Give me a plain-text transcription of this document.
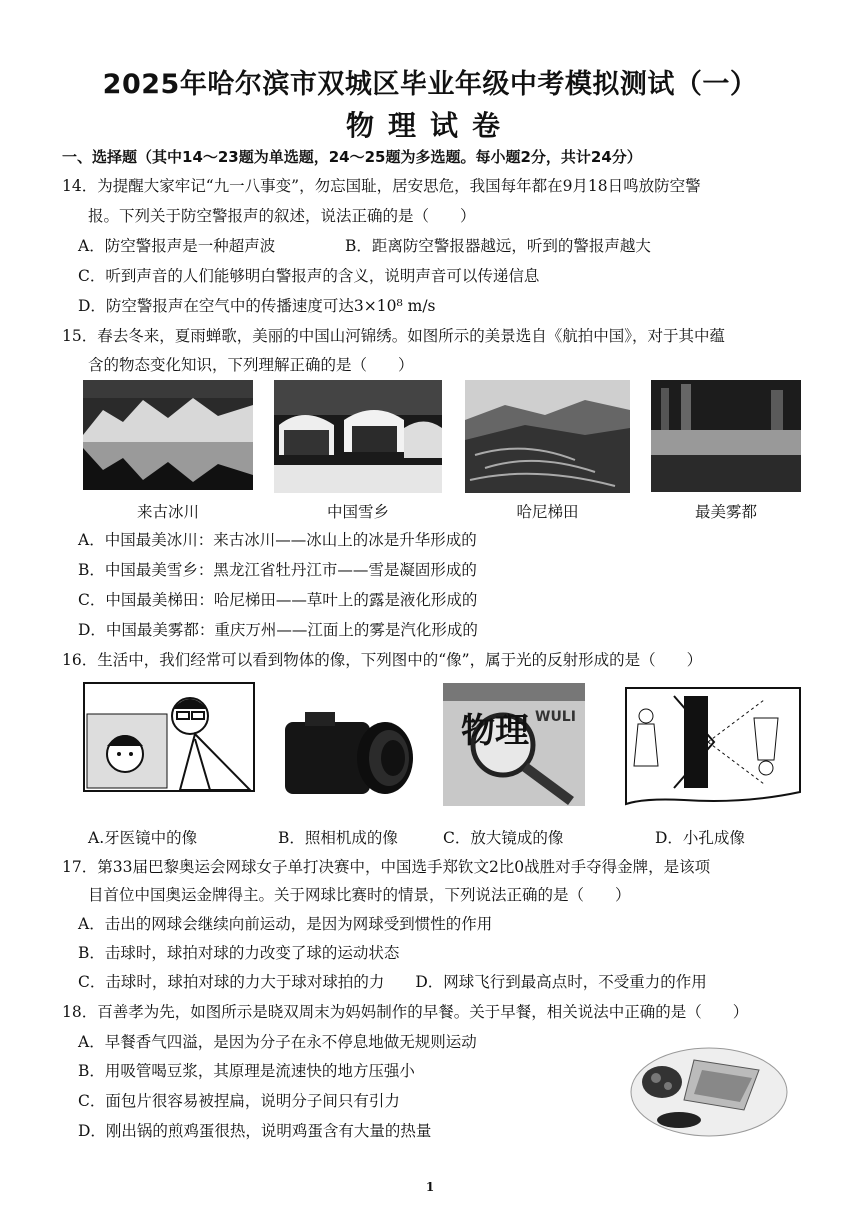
2025年哈尔滨市双城区毕业年级中考模拟测试（一）
物理试卷
一、选择题（其中14～23题为单选题，24～25题为多选题。每小题2分，共计24分）
14．为提醒大家牢记“九一八事变”，勿忘国耻，居安思危，我国每年都在9月18日鸣放防空警
报。下列关于防空警报声的叙述，说法正确的是（　　）
A．防空警报声是一种超声波	B．距离防空警报器越远，听到的警报声越大
C．听到声音的人们能够明白警报声的含义，说明声音可以传递信息
D．防空警报声在空气中的传播速度可达3×10⁸ m/s
15．春去冬来，夏雨蝉歌，美丽的中国山河锦绣。如图所示的美景选自《航拍中国》，对于其中蕴
含的物态变化知识，下列理解正确的是（　　）
来古冰川	中国雪乡	哈尼梯田	最美雾都
A．中国最美冰川：来古冰川——冰山上的冰是升华形成的
B．中国最美雪乡：黑龙江省牡丹江市——雪是凝固形成的
C．中国最美梯田：哈尼梯田——草叶上的露是液化形成的
D．中国最美雾都：重庆万州——江面上的雾是汽化形成的
16．生活中，我们经常可以看到物体的像，下列图中的“像”，属于光的反射形成的是（　　）
物理 WULI
A.牙医镜中的像	B．照相机成的像	C．放大镜成的像	D．小孔成像
17．第33届巴黎奥运会网球女子单打决赛中，中国选手郑钦文2比0战胜对手夺得金牌，是该项
目首位中国奥运金牌得主。关于网球比赛时的情景，下列说法正确的是（　　）
A．击出的网球会继续向前运动，是因为网球受到惯性的作用
B．击球时，球拍对球的力改变了球的运动状态
C．击球时，球拍对球的力大于球对球拍的力　　D．网球飞行到最高点时，不受重力的作用
18．百善孝为先，如图所示是晓双周末为妈妈制作的早餐。关于早餐，相关说法中正确的是（　　）
A．早餐香气四溢，是因为分子在永不停息地做无规则运动
B．用吸管喝豆浆，其原理是流速快的地方压强小
C．面包片很容易被捏扁，说明分子间只有引力
D．刚出锅的煎鸡蛋很热，说明鸡蛋含有大量的热量
1
